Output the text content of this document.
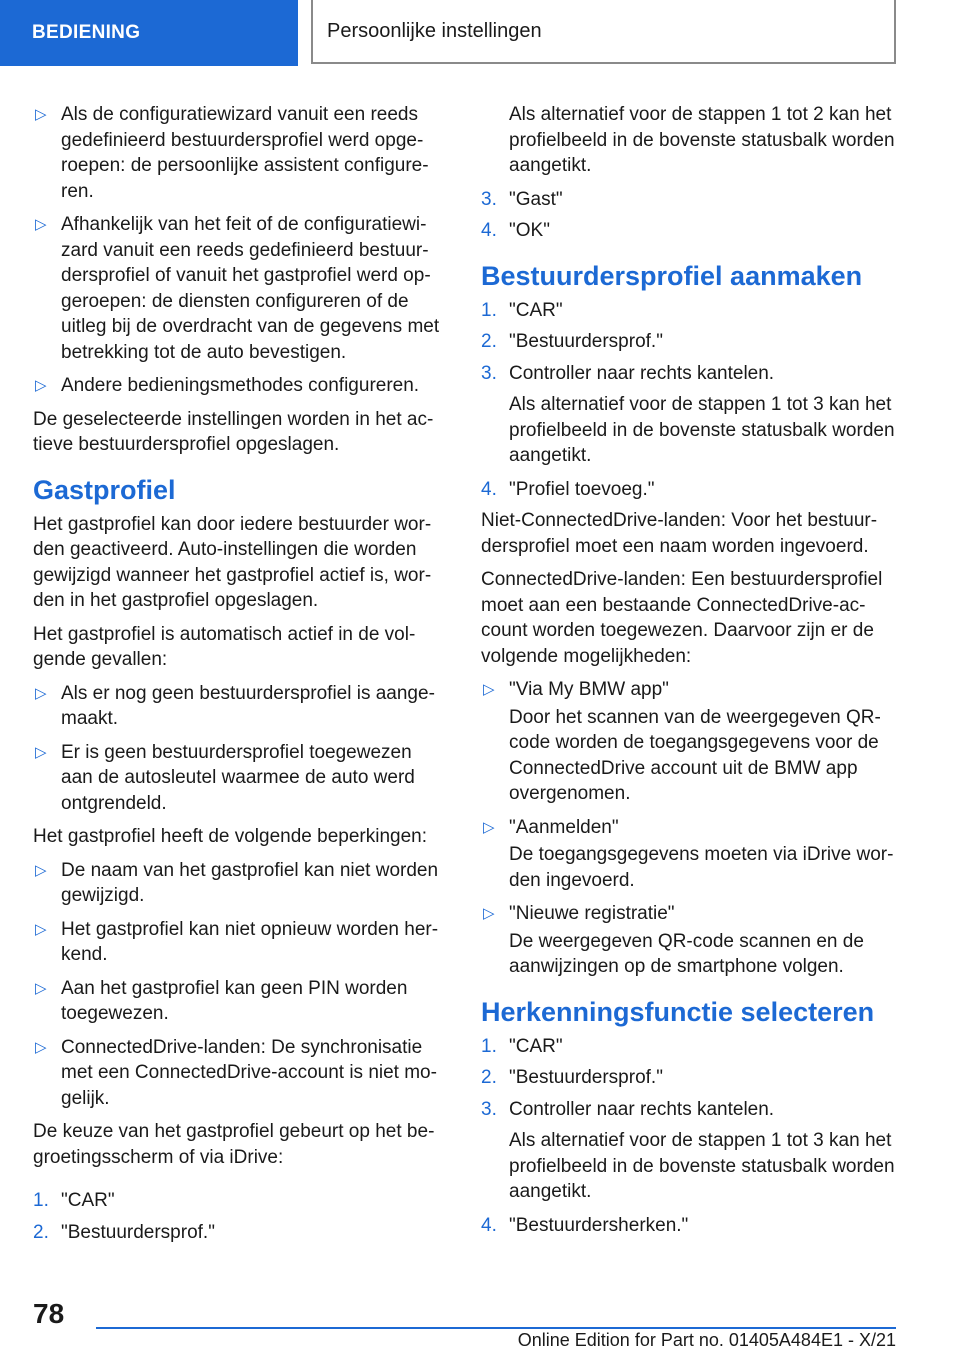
BEDIENING	Persoonlijke instellingen
▷ Als de configuratiewizard vanuit een reeds gedefinieerd bestuurdersprofiel werd opgeroepen: de persoonlijke assistent configureren.
▷ Afhankelijk van het feit of de configuratiewizard vanuit een reeds gedefinieerd bestuurdersprofiel of vanuit het gastprofiel werd opgeroepen: de diensten configureren of de uitleg bij de overdracht van de gegevens met betrekking tot de auto bevestigen.
▷ Andere bedieningsmethodes configureren.

De geselecteerde instellingen worden in het actieve bestuurdersprofiel opgeslagen.

Gastprofiel

Het gastprofiel kan door iedere bestuurder worden geactiveerd. Auto-instellingen die worden gewijzigd wanneer het gastprofiel actief is, worden in het gastprofiel opgeslagen.

Het gastprofiel is automatisch actief in de volgende gevallen:

▷ Als er nog geen bestuurdersprofiel is aangemaakt.
▷ Er is geen bestuurdersprofiel toegewezen aan de autosleutel waarmee de auto werd ontgrendeld.

Het gastprofiel heeft de volgende beperkingen:

▷ De naam van het gastprofiel kan niet worden gewijzigd.
▷ Het gastprofiel kan niet opnieuw worden herkend.
▷ Aan het gastprofiel kan geen PIN worden toegewezen.
▷ ConnectedDrive-landen: De synchronisatie met een ConnectedDrive-account is niet mogelijk.

De keuze van het gastprofiel gebeurt op het begroetingsscherm of via iDrive:

1. "CAR"
2. "Bestuurdersprof."

Als alternatief voor de stappen 1 tot 2 kan het profielbeeld in de bovenste statusbalk worden aangetikt.

3. "Gast"
4. "OK"
Bestuurdersprofiel aanmaken
1. "CAR"
2. "Bestuurdersprof."
3. Controller naar rechts kantelen.

Als alternatief voor de stappen 1 tot 3 kan het profielbeeld in de bovenste statusbalk worden aangetikt.

4. "Profiel toevoeg."

Niet-ConnectedDrive-landen: Voor het bestuurdersprofiel moet een naam worden ingevoerd.

ConnectedDrive-landen: Een bestuurdersprofiel moet aan een bestaande ConnectedDrive-account worden toegewezen. Daarvoor zijn er de volgende mogelijkheden:

▷ "Via My BMW app"

Door het scannen van de weergegeven QR-code worden de toegangsgegevens voor de ConnectedDrive account uit de BMW app overgenomen.

▷ "Aanmelden"

De toegangsgegevens moeten via iDrive worden ingevoerd.

▷ "Nieuwe registratie"

De weergegeven QR-code scannen en de aanwijzingen op de smartphone volgen.

Herkenningsfunctie selecteren
1. "CAR"
2. "Bestuurdersprof."
3. Controller naar rechts kantelen.

Als alternatief voor de stappen 1 tot 3 kan het profielbeeld in de bovenste statusbalk worden aangetikt.

4. "Bestuurdersherken."
78
Online Edition for Part no. 01405A484E1 - X/21
